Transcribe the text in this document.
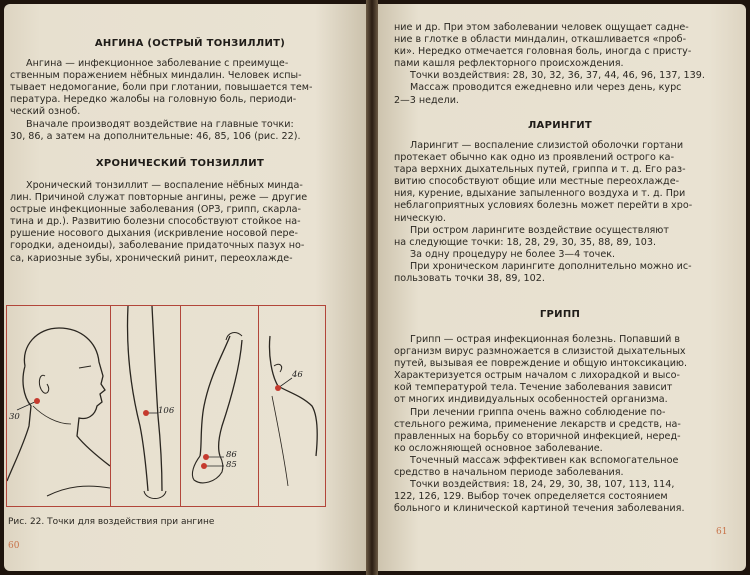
АНГИНА (ОСТРЫЙ ТОНЗИЛЛИТ)

Ангина — инфекционное заболевание с преимуще-

ственным поражением нёбных миндалин. Человек испы-

тывает недомогание, боли при глотании, повышается тем-

пература. Нередко жалобы на головную боль, периоди-

ческий озноб.

Вначале производят воздействие на главные точки:

30, 86, а затем на дополнительные: 46, 85, 106 (рис. 22).

ХРОНИЧЕСКИЙ ТОНЗИЛЛИТ

Хронический тонзиллит — воспаление нёбных минда-

лин. Причиной служат повторные ангины, реже — другие

острые инфекционные заболевания (ОРЗ, грипп, скарла-

тина и др.). Развитию болезни способствуют стойкое на-

рушение носового дыхания (искривление носовой пере-

городки, аденоиды), заболевание придаточных пазух но-

са, кариозные зубы, хронический ринит, переохлажде-

30
106
86
85
46
Рис. 22. Точки для воздействия при ангине
60

ние и др. При этом заболевании человек ощущает садне-

ние в глотке в области миндалин, откашливается «проб-

ки». Нередко отмечается головная боль, иногда с присту-

пами кашля рефлекторного происхождения.

Точки воздействия: 28, 30, 32, 36, 37, 44, 46, 96, 137, 139.

Массаж проводится ежедневно или через день, курс

2—3 недели.

ЛАРИНГИТ

Ларингит — воспаление слизистой оболочки гортани

протекает обычно как одно из проявлений острого ка-

тара верхних дыхательных путей, гриппа и т. д. Его раз-

витию способствуют общие или местные переохлажде-

ния, курение, вдыхание запыленного воздуха и т. д. При

неблагоприятных условиях болезнь может перейти в хро-

ническую.

При остром ларингите воздействие осуществляют

на следующие точки: 18, 28, 29, 30, 35, 88, 89, 103.

За одну процедуру не более 3—4 точек.

При хроническом ларингите дополнительно можно ис-

пользовать точки 38, 89, 102.

ГРИПП

Грипп — острая инфекционная болезнь. Попавший в

организм вирус размножается в слизистой дыхательных

путей, вызывая ее повреждение и общую интоксикацию.

Характеризуется острым началом с лихорадкой и высо-

кой температурой тела. Течение заболевания зависит

от многих индивидуальных особенностей организма.

При лечении гриппа очень важно соблюдение по-

стельного режима, применение лекарств и средств, на-

правленных на борьбу со вторичной инфекцией, неред-

ко осложняющей основное заболевание.

Точечный массаж эффективен как вспомогательное

средство в начальном периоде заболевания.

Точки воздействия: 18, 24, 29, 30, 38, 107, 113, 114,

122, 126, 129. Выбор точек определяется состоянием

больного и клинической картиной течения заболевания.

61
